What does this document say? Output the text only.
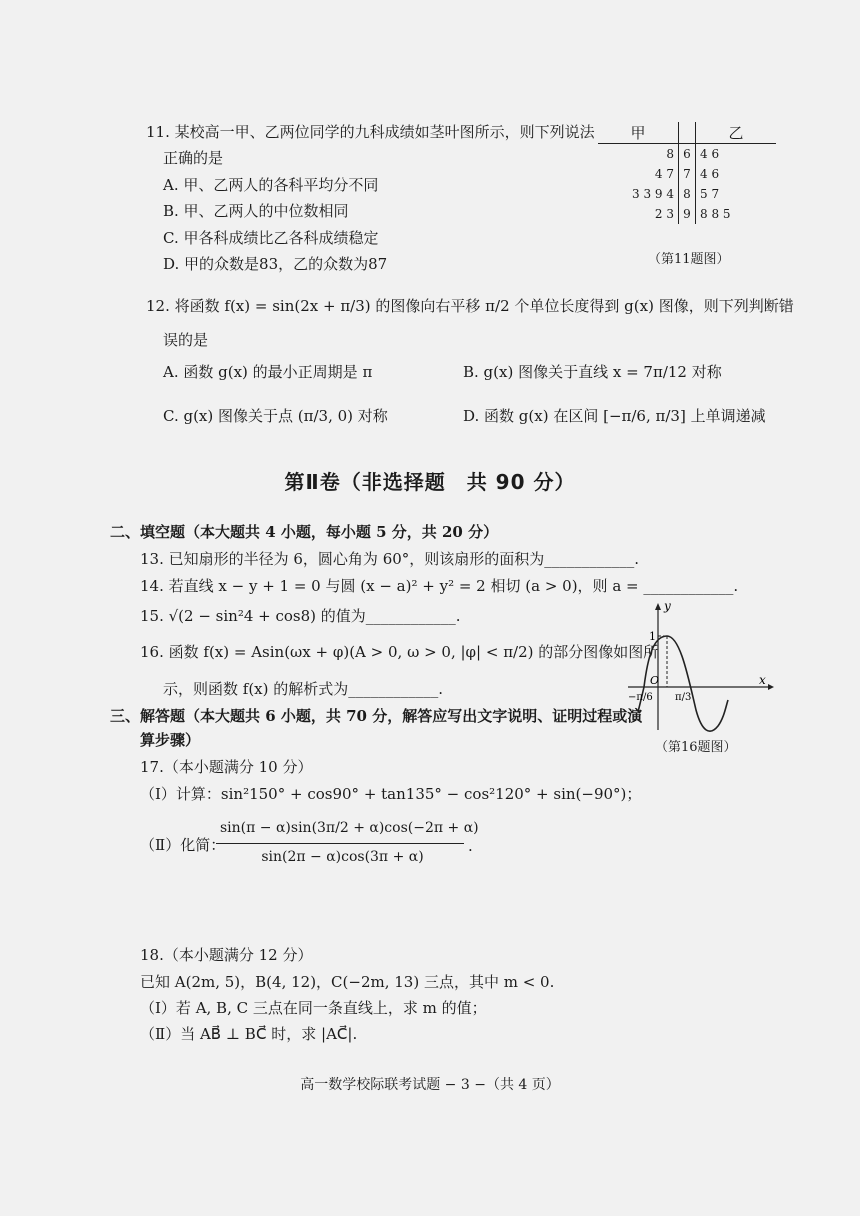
11. 某校高一甲、乙两位同学的九科成绩如茎叶图所示，则下列说法
正确的是
A. 甲、乙两人的各科平均分不同
B. 甲、乙两人的中位数相同
C. 甲各科成绩比乙各科成绩稳定
D. 甲的众数是83，乙的众数为87
甲		乙
8	6	4 6
4 7	7	4 6
3 3 9 4	8	5 7
2 3	9	8 8 5
（第11题图）
12. 将函数 f(x) = sin(2x + π/3) 的图像向右平移 π/2 个单位长度得到 g(x) 图像，则下列判断错
误的是
A. 函数 g(x) 的最小正周期是 π	B. g(x) 图像关于直线 x = 7π/12 对称
C. g(x) 图像关于点 (π/3, 0) 对称	D. 函数 g(x) 在区间 [−π/6, π/3] 上单调递减
第Ⅱ卷（非选择题　共 90 分）
二、填空题（本大题共 4 小题，每小题 5 分，共 20 分）
13. 已知扇形的半径为 6，圆心角为 60°，则该扇形的面积为____________.
14. 若直线 x − y + 1 = 0 与圆 (x − a)² + y² = 2 相切 (a > 0)，则 a = ____________.
15. √(2 − sin²4 + cos8) 的值为____________.
16. 函数 f(x) = Asin(ωx + φ)(A > 0, ω > 0, |φ| < π/2) 的部分图像如图所
示，则函数 f(x) 的解析式为____________.
y
x
1
O
−π/6 π/3
（第16题图）
三、解答题（本大题共 6 小题，共 70 分，解答应写出文字说明、证明过程或演
算步骤）
17.（本小题满分 10 分）
（Ⅰ）计算：sin²150° + cos90° + tan135° − cos²120° + sin(−90°)；
（Ⅱ）化简：
sin(π − α)sin(3π/2 + α)cos(−2π + α)
sin(2π − α)cos(3π + α)
.
18.（本小题满分 12 分）
已知 A(2m, 5)，B(4, 12)，C(−2m, 13) 三点，其中 m < 0.
（Ⅰ）若 A, B, C 三点在同一条直线上，求 m 的值；
（Ⅱ）当 AB⃗ ⊥ BC⃗ 时，求 |AC⃗|.
高一数学校际联考试题 − 3 −（共 4 页）
